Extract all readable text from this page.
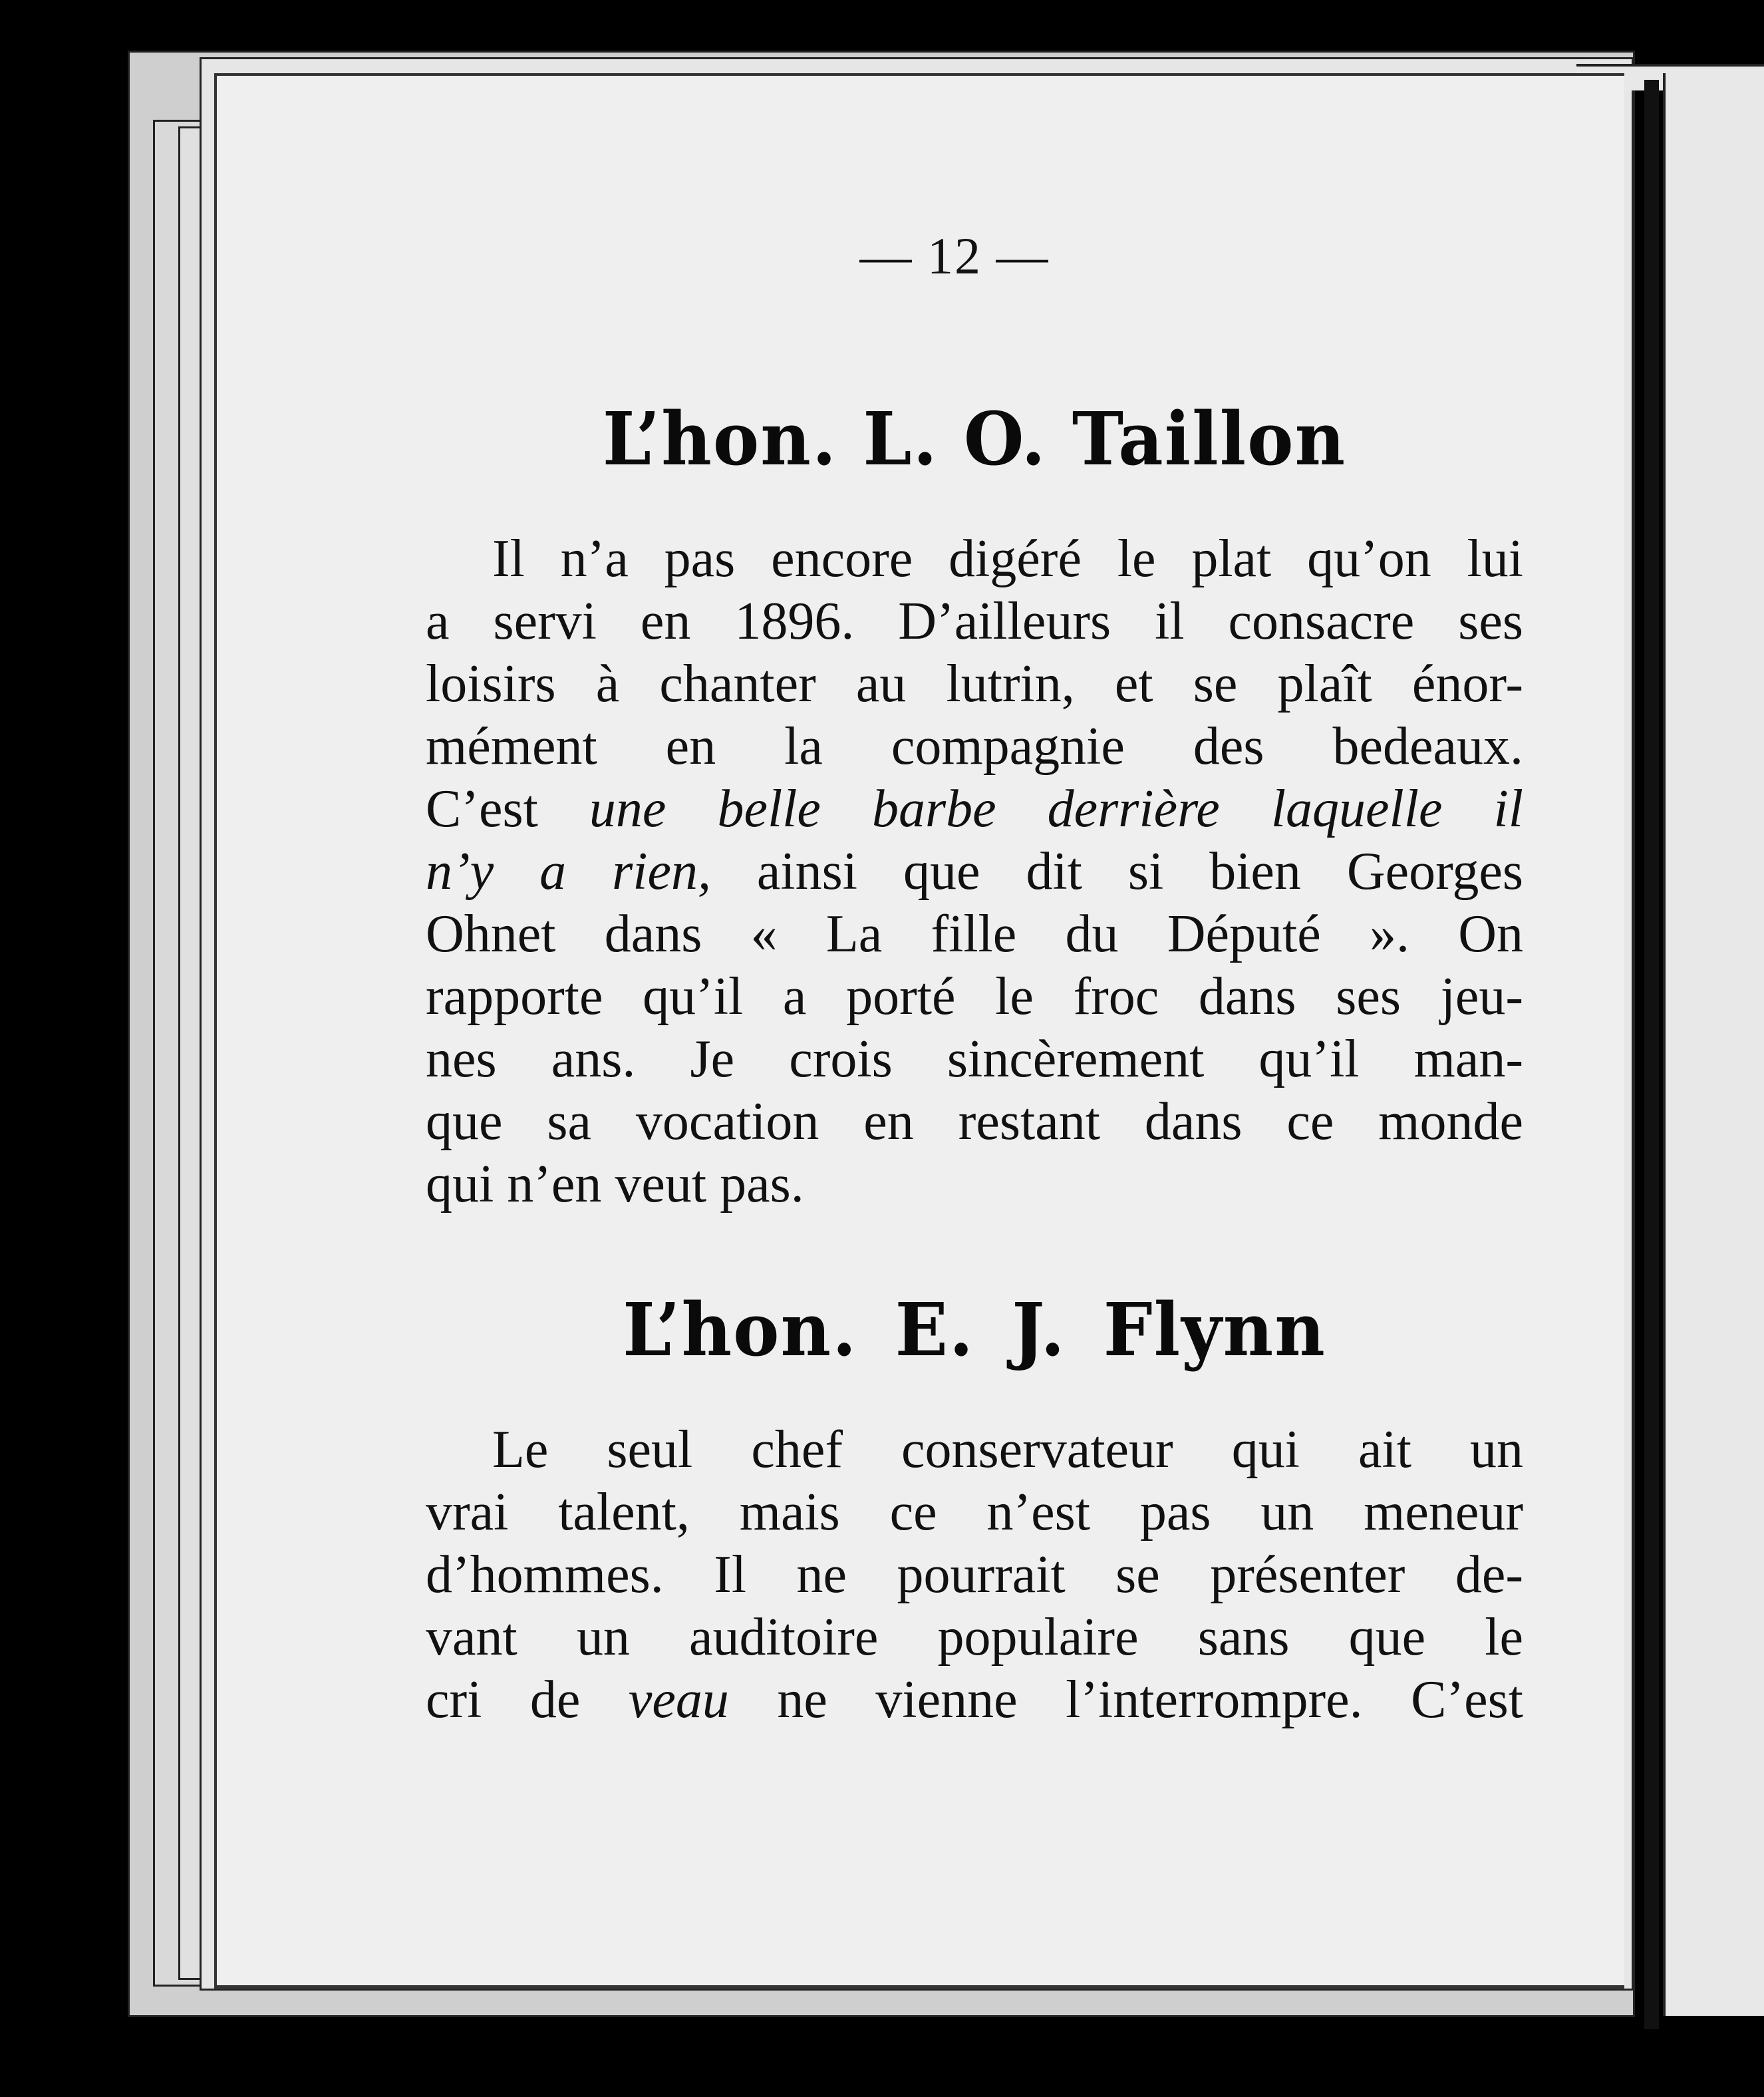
— 12 —
L’hon. L. O. Taillon
Il n’a pas encore digéré le plat qu’on lui
a servi en 1896. D’ailleurs il consacre ses
loisirs à chanter au lutrin, et se plaît énor-
mément en la compagnie des bedeaux.
C’est une belle barbe derrière laquelle il
n’y a rien, ainsi que dit si bien Georges
Ohnet dans « La fille du Député ». On
rapporte qu’il a porté le froc dans ses jeu-
nes ans. Je crois sincèrement qu’il man-
que sa vocation en restant dans ce monde
qui n’en veut pas.
L’hon. E. J. Flynn
Le seul chef conservateur qui ait un
vrai talent, mais ce n’est pas un meneur
d’hommes. Il ne pourrait se présenter de-
vant un auditoire populaire sans que le
cri de veau ne vienne l’interrompre. C’est
